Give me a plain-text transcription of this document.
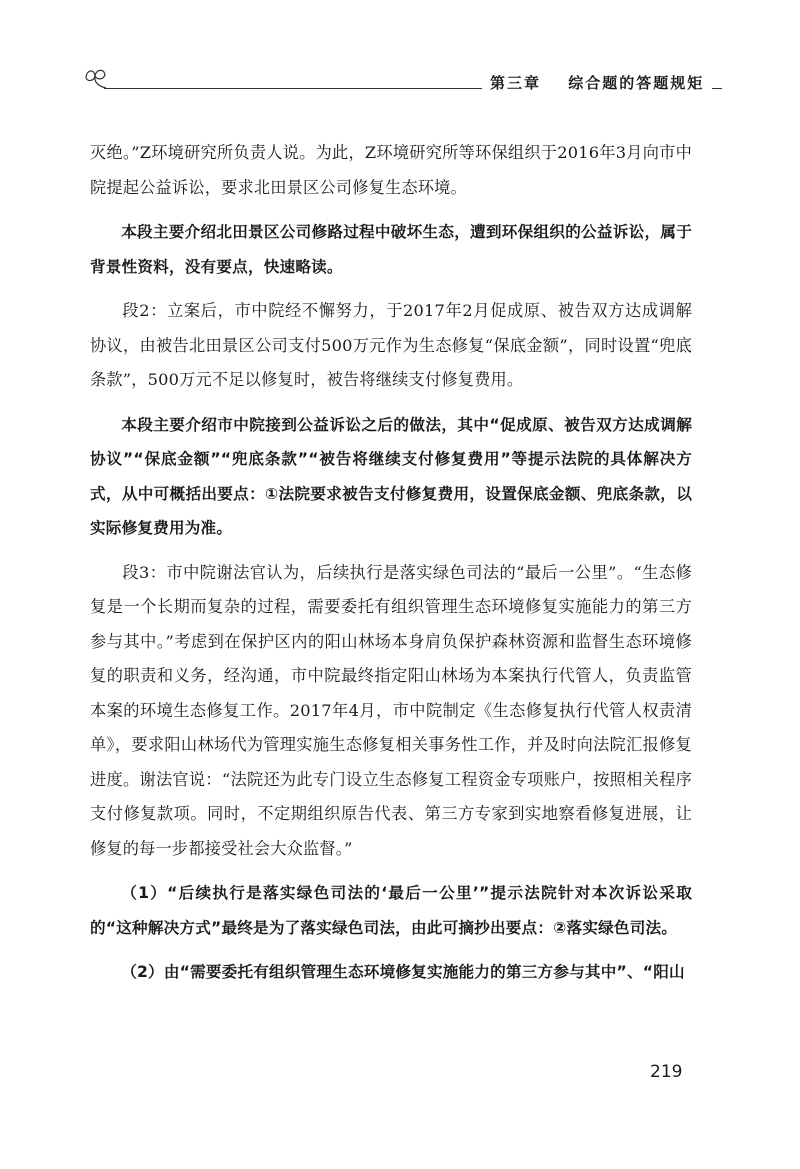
第三章 综合题的答题规矩

灭绝。”Z环境研究所负责人说。为此，Z环境研究所等环保组织于2016年3月向市中院提起公益诉讼，要求北田景区公司修复生态环境。

本段主要介绍北田景区公司修路过程中破坏生态，遭到环保组织的公益诉讼，属于背景性资料，没有要点，快速略读。

段2：立案后，市中院经不懈努力，于2017年2月促成原、被告双方达成调解协议，由被告北田景区公司支付500万元作为生态修复“保底金额”，同时设置“兜底条款”，500万元不足以修复时，被告将继续支付修复费用。

本段主要介绍市中院接到公益诉讼之后的做法，其中“促成原、被告双方达成调解协议”“保底金额”“兜底条款”“被告将继续支付修复费用”等提示法院的具体解决方式，从中可概括出要点：①法院要求被告支付修复费用，设置保底金额、兜底条款，以实际修复费用为准。

段3：市中院谢法官认为，后续执行是落实绿色司法的“最后一公里”。“生态修复是一个长期而复杂的过程，需要委托有组织管理生态环境修复实施能力的第三方参与其中。”考虑到在保护区内的阳山林场本身肩负保护森林资源和监督生态环境修复的职责和义务，经沟通，市中院最终指定阳山林场为本案执行代管人，负责监管本案的环境生态修复工作。2017年4月，市中院制定《生态修复执行代管人权责清单》，要求阳山林场代为管理实施生态修复相关事务性工作，并及时向法院汇报修复进度。谢法官说：“法院还为此专门设立生态修复工程资金专项账户，按照相关程序支付修复款项。同时，不定期组织原告代表、第三方专家到实地察看修复进展，让修复的每一步都接受社会大众监督。”

（1）“后续执行是落实绿色司法的‘最后一公里’”提示法院针对本次诉讼采取的“这种解决方式”最终是为了落实绿色司法，由此可摘抄出要点：②落实绿色司法。

（2）由“需要委托有组织管理生态环境修复实施能力的第三方参与其中”、“阳山

219
